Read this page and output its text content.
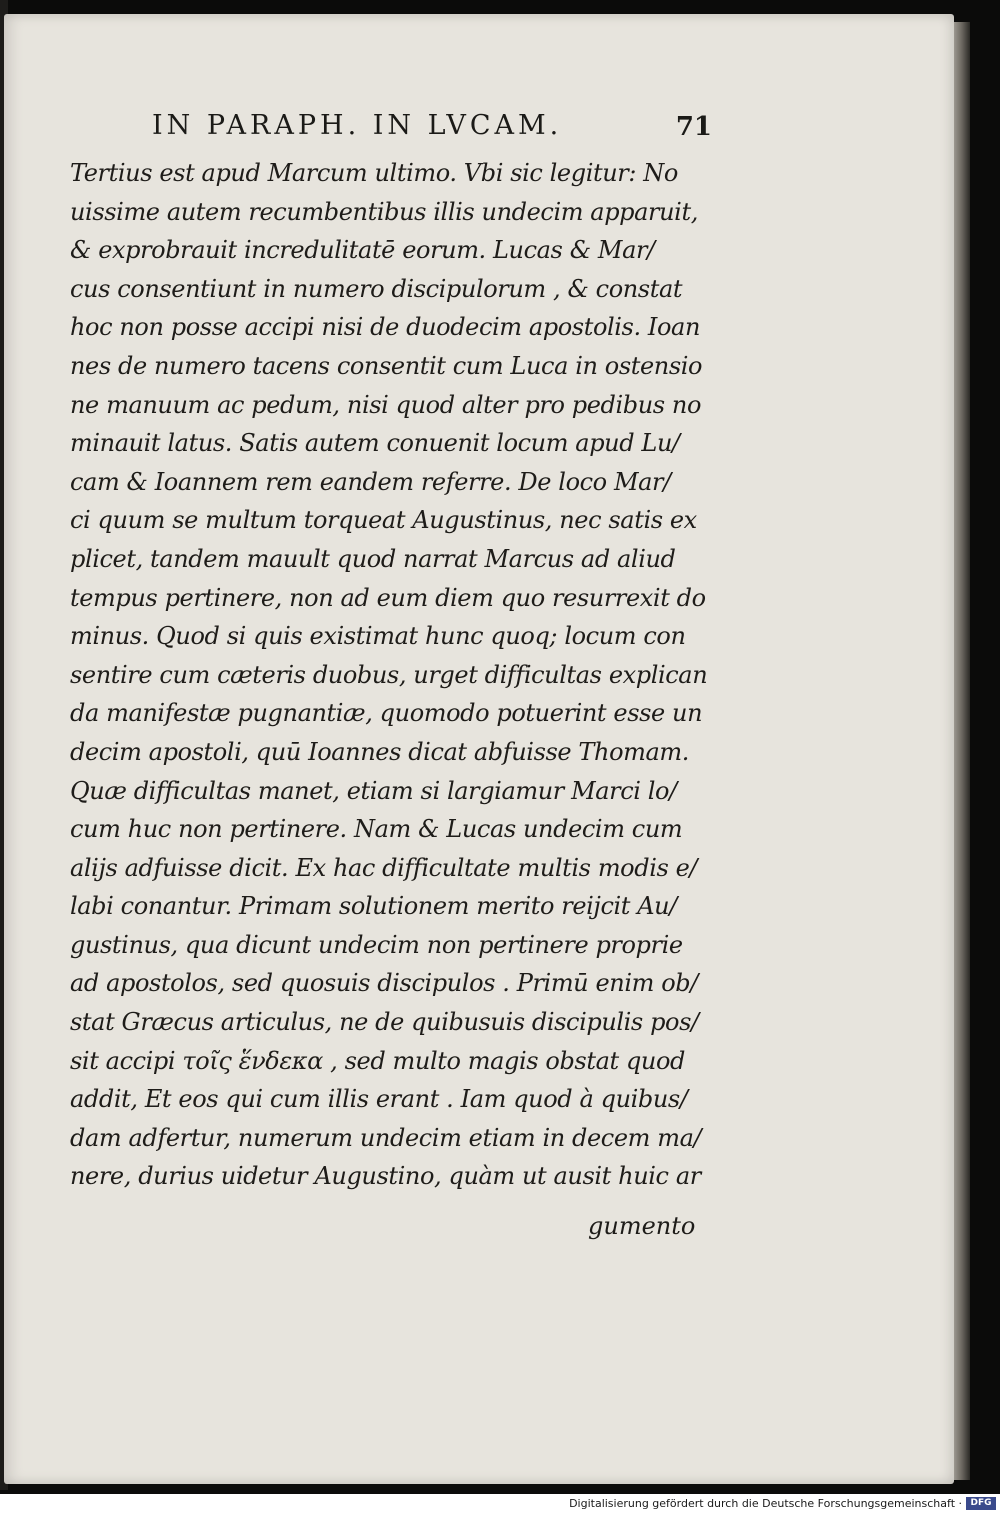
IN PARAPH. IN LVCAM.	71
Tertius est apud Marcum ultimo. Vbi sic legitur: No
uissime autem recumbentibus illis undecim apparuit,
& exprobrauit incredulitatē eorum. Lucas & Mar/
cus consentiunt in numero discipulorum , & constat
hoc non posse accipi nisi de duodecim apostolis. Ioan
nes de numero tacens consentit cum Luca in ostensio
ne manuum ac pedum, nisi quod alter pro pedibus no
minauit latus. Satis autem conuenit locum apud Lu/
cam & Ioannem rem eandem referre. De loco Mar/
ci quum se multum torqueat Augustinus, nec satis ex
plicet, tandem mauult quod narrat Marcus ad aliud
tempus pertinere, non ad eum diem quo resurrexit do
minus. Quod si quis existimat hunc quoq; locum con
sentire cum cæteris duobus, urget difficultas explican
da manifestæ pugnantiæ, quomodo potuerint esse un
decim apostoli, quū Ioannes dicat abfuisse Thomam.
Quæ difficultas manet, etiam si largiamur Marci lo/
cum huc non pertinere. Nam & Lucas undecim cum
alijs adfuisse dicit. Ex hac difficultate multis modis e/
labi conantur. Primam solutionem merito reijcit Au/
gustinus, qua dicunt undecim non pertinere proprie
ad apostolos, sed quosuis discipulos . Primū enim ob/
stat Græcus articulus, ne de quibusuis discipulis pos/
sit accipi τοῖς ἕνδεκα , sed multo magis obstat quod
addit, Et eos qui cum illis erant . Iam quod à quibus/
dam adfertur, numerum undecim etiam in decem ma/
nere, durius uidetur Augustino, quàm ut ausit huic ar
gumento
Digitalisierung gefördert durch die Deutsche Forschungsgemeinschaft · DFG
